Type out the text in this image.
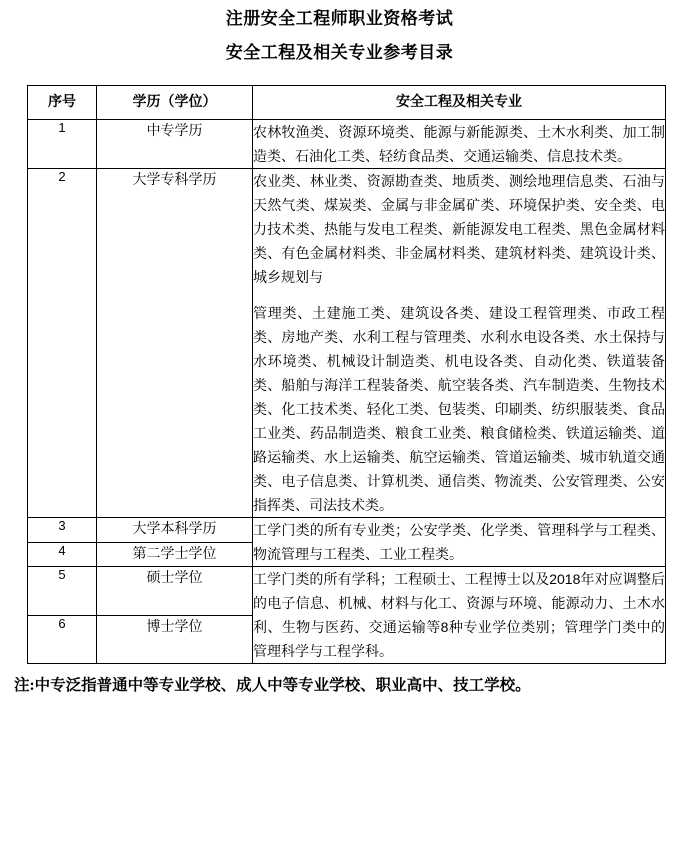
注册安全工程师职业资格考试
安全工程及相关专业参考目录
序号	学历（学位）	安全工程及相关专业
1	中专学历	农林牧渔类、资源环境类、能源与新能源类、土木水利类、加工制造类、石油化工类、轻纺食品类、交通运输类、信息技术类。

2	大学专科学历	农业类、林业类、资源勘查类、地质类、测绘地理信息类、石油与天然气类、煤炭类、金属与非金属矿类、环境保护类、安全类、电力技术类、热能与发电工程类、新能源发电工程类、黑色金属材料类、有色金属材料类、非金属材料类、建筑材料类、建筑设计类、城乡规划与

管理类、土建施工类、建筑设各类、建设工程管理类、市政工程类、房地产类、水利工程与管理类、水利水电设各类、水土保持与水环境类、机械设计制造类、机电设各类、自动化类、铁道装备类、船舶与海洋工程装备类、航空装各类、汽车制造类、生物技术类、化工技术类、轻化工类、包装类、印刷类、纺织服装类、食品工业类、药品制造类、粮食工业类、粮食储检类、铁道运输类、道路运输类、水上运输类、航空运输类、管道运输类、城市轨道交通类、电子信息类、计算机类、通信类、物流类、公安管理类、公安指挥类、司法技术类。

3	大学本科学历	工学门类的所有专业类；公安学类、化学类、管理科学与工程类、物流管理与工程类、工业工程类。

4	第二学士学位	
5	硕士学位	工学门类的所有学科；工程硕士、工程博士以及2018年对应调整后的电子信息、机械、材料与化工、资源与环境、能源动力、土木水利、生物与医药、交通运输等8种专业学位类别；管理学门类中的管理科学与工程学科。

6	博士学位	
注:中专泛指普通中等专业学校、成人中等专业学校、职业高中、技工学校。
